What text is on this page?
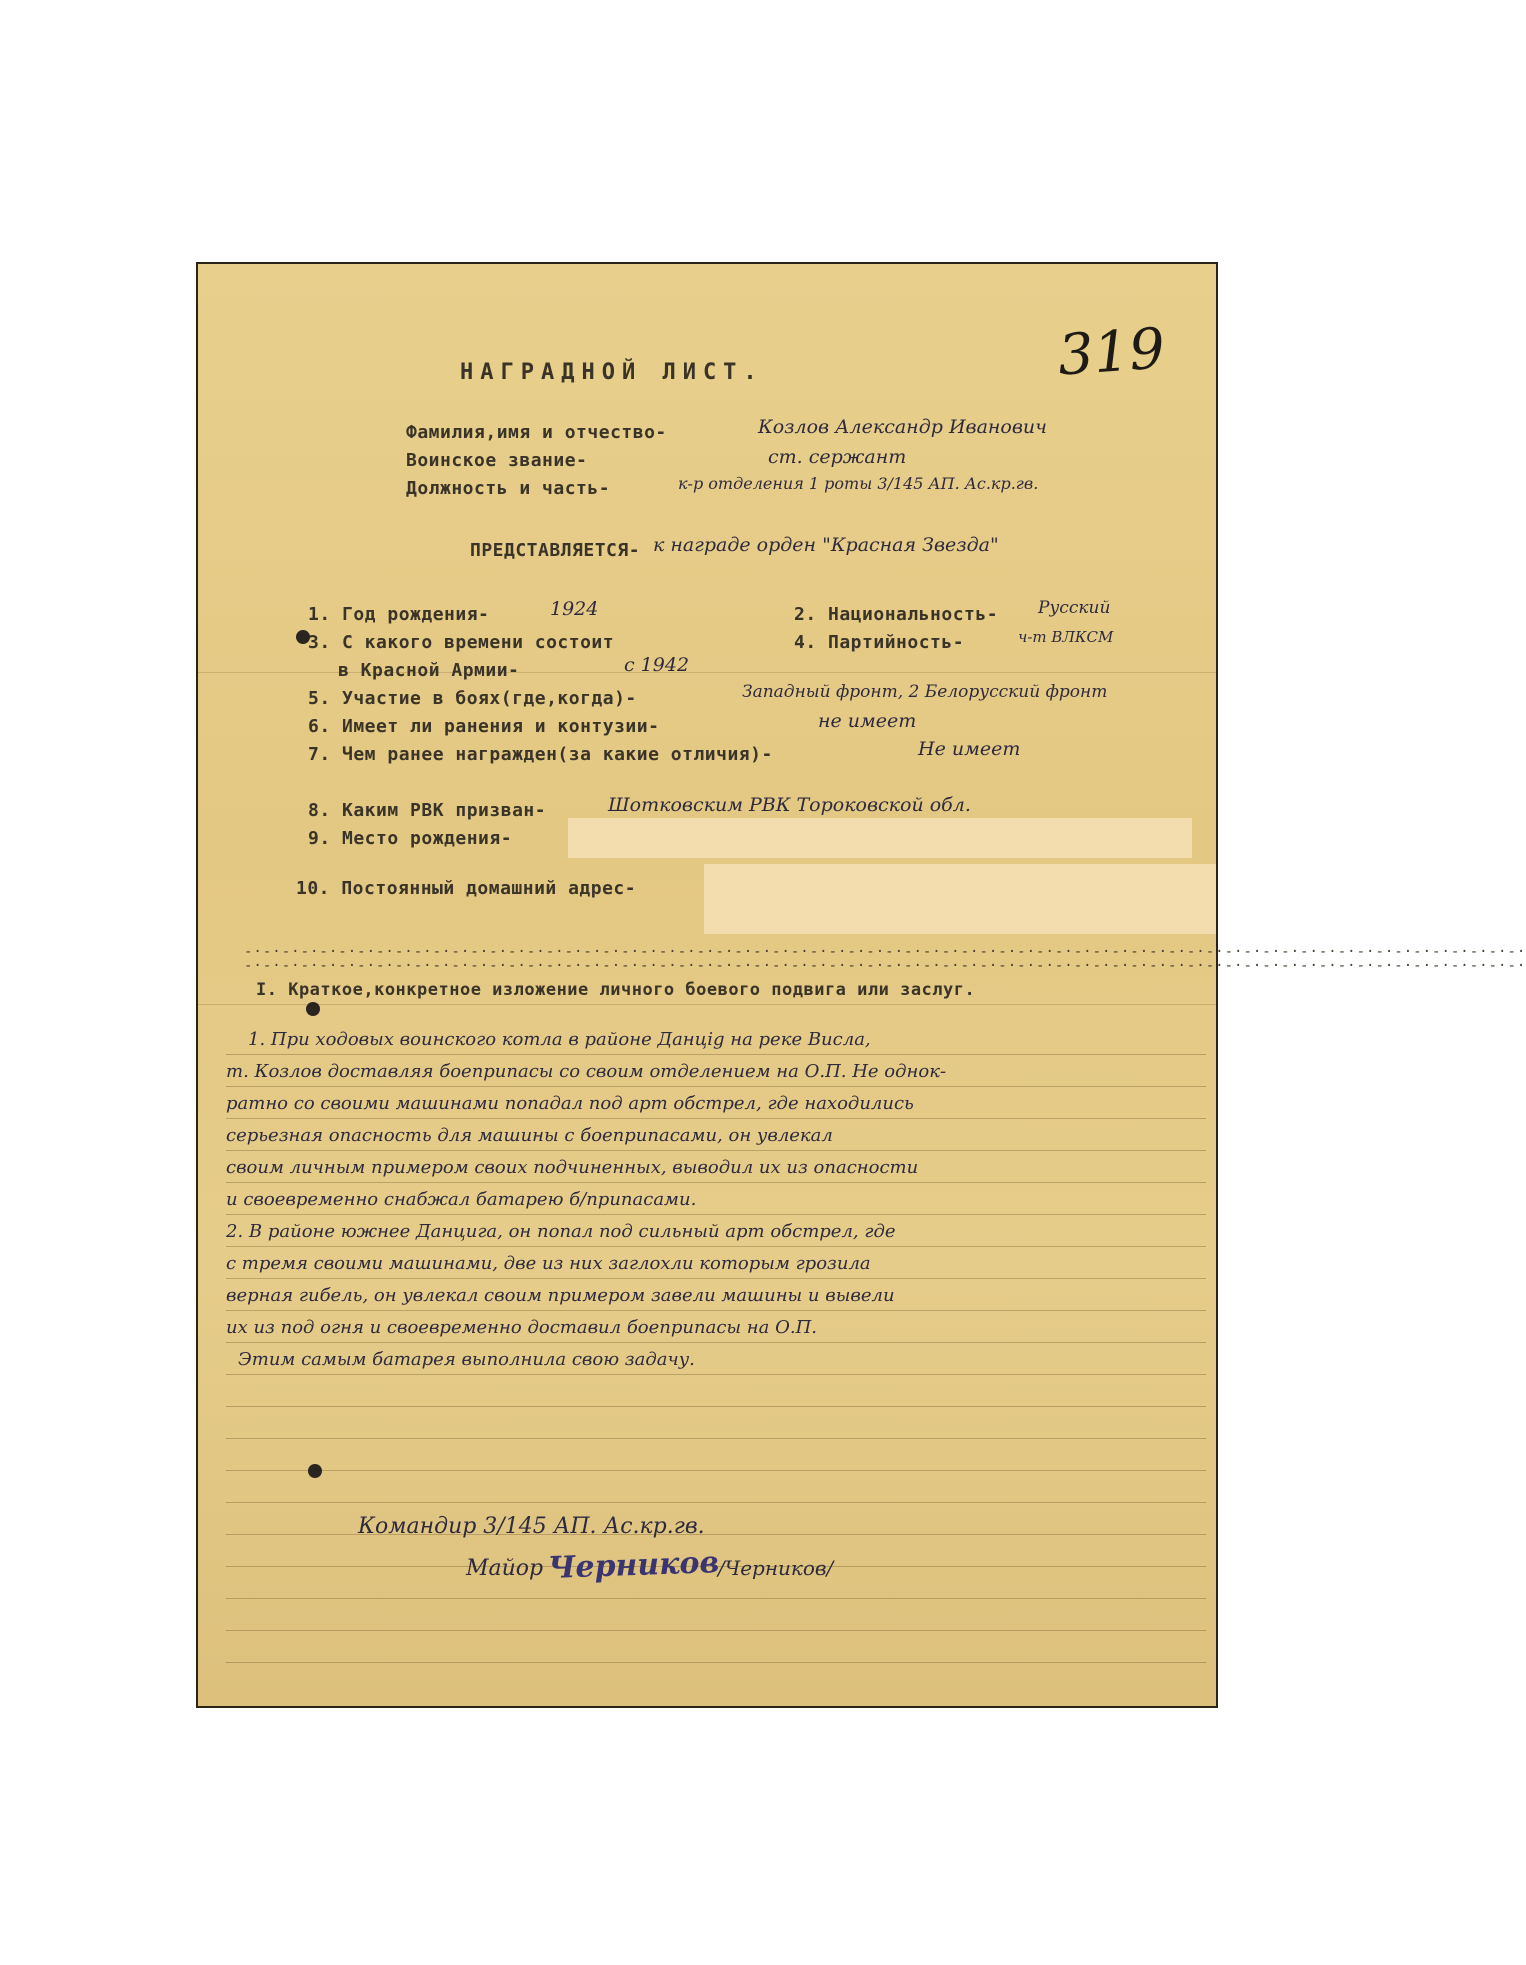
НАГРАДНОЙ ЛИСТ.	319
Фамилия,имя и отчество-	Козлов Александр Иванович
Воинское звание-	ст. сержант
Должность и часть-	к-р отделения 1 роты 3/145 АП. Ас.кр.гв.
ПРЕДСТАВЛЯЕТСЯ- к награде орден "Красная Звезда"
1. Год рождения-	1924	2. Национальность- Русский
3. С какого времени состоит	4. Партийность-	ч-т ВЛКСМ
в Красной Армии-	с 1942
5. Участие в боях(где,когда)-	Западный фронт, 2 Белорусский фронт
6. Имеет ли ранения и контузии-	не имеет
7. Чем ранее награжден(за какие отличия)-	Не имеет
8. Каким РВК призван-	Шотковским РВК Тороковской обл.
9. Место рождения-
10. Постоянный домашний адрес-
-·-·-·-·-·-·-·-·-·-·-·-·-·-·-·-·-·-·-·-·-·-·-·-·-·-·-·-·-·-·-·-·-·-·-·-·-·-·-·-·-·-·-·-·-·-·-·-·-·-·-·-·-·-·-·-·-·-·-·-·-·-·-·-·-·-·-·-·
-·-·-·-·-·-·-·-·-·-·-·-·-·-·-·-·-·-·-·-·-·-·-·-·-·-·-·-·-·-·-·-·-·-·-·-·-·-·-·-·-·-·-·-·-·-·-·-·-·-·-·-·-·-·-·-·-·-·-·-·-·-·-·-·-·-·-·-·
I. Краткое,конкретное изложение личного боевого подвига или заслуг.
1. При ходовых воинского котла в районе Данцig на реке Висла,
т. Козлов доставляя боеприпасы со своим отделением на О.П. Не однок-
ратно со своими машинами попадал под арт обстрел, где находились
серьезная опасность для машины с боеприпасами, он увлекал
своим личным примером своих подчиненных, выводил их из опасности
и своевременно снабжал батарею б/припасами.
2. В районе южнее Данцига, он попал под сильный арт обстрел, где
с тремя своими машинами, две из них заглохли которым грозила
верная гибель, он увлекал своим примером завели машины и вывели
их из под огня и своевременно доставил боеприпасы на О.П.
Этим самым батарея выполнила свою задачу.
Командир 3/145 АП. Ас.кр.гв.
Майор Черников
/Черников/
